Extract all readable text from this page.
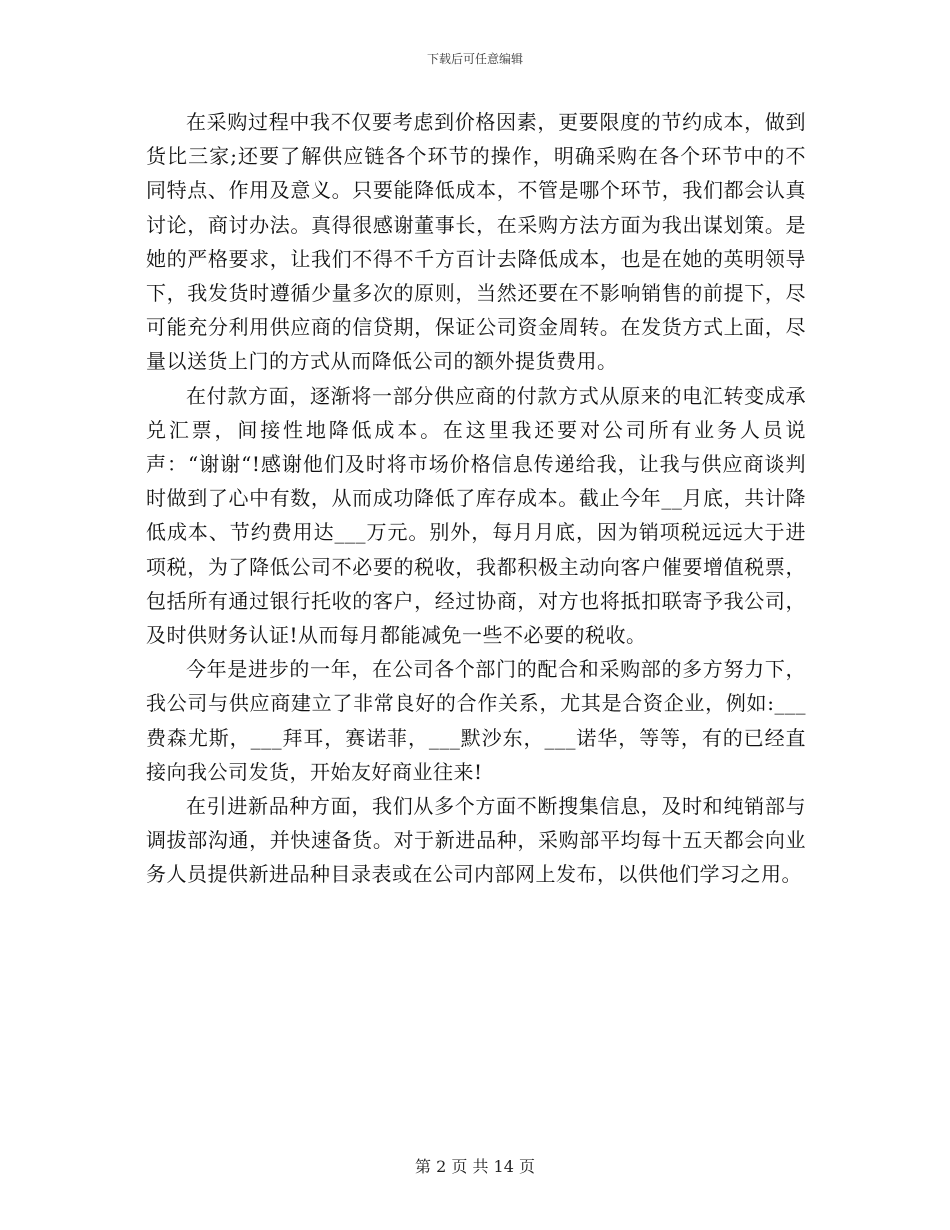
下载后可任意编辑

在采购过程中我不仅要考虑到价格因素，更要限度的节约成本，做到货比三家;还要了解供应链各个环节的操作，明确采购在各个环节中的不同特点、作用及意义。只要能降低成本，不管是哪个环节，我们都会认真讨论，商讨办法。真得很感谢董事长，在采购方法方面为我出谋划策。是她的严格要求，让我们不得不千方百计去降低成本，也是在她的英明领导下，我发货时遵循少量多次的原则，当然还要在不影响销售的前提下，尽可能充分利用供应商的信贷期，保证公司资金周转。在发货方式上面，尽量以送货上门的方式从而降低公司的额外提货费用。

在付款方面，逐渐将一部分供应商的付款方式从原来的电汇转变成承兑汇票，间接性地降低成本。在这里我还要对公司所有业务人员说声：“谢谢“!感谢他们及时将市场价格信息传递给我，让我与供应商谈判时做到了心中有数，从而成功降低了库存成本。截止今年__月底，共计降低成本、节约费用达___万元。别外，每月月底，因为销项税远远大于进项税，为了降低公司不必要的税收，我都积极主动向客户催要增值税票，包括所有通过银行托收的客户，经过协商，对方也将抵扣联寄予我公司，及时供财务认证!从而每月都能减免一些不必要的税收。

今年是进步的一年，在公司各个部门的配合和采购部的多方努力下，我公司与供应商建立了非常良好的合作关系，尤其是合资企业，例如:___费森尤斯，___拜耳，赛诺菲，___默沙东，___诺华，等等，有的已经直接向我公司发货，开始友好商业往来!

在引进新品种方面，我们从多个方面不断搜集信息，及时和纯销部与调拔部沟通，并快速备货。对于新进品种，采购部平均每十五天都会向业务人员提供新进品种目录表或在公司内部网上发布，以供他们学习之用。

第 2 页 共 14 页
